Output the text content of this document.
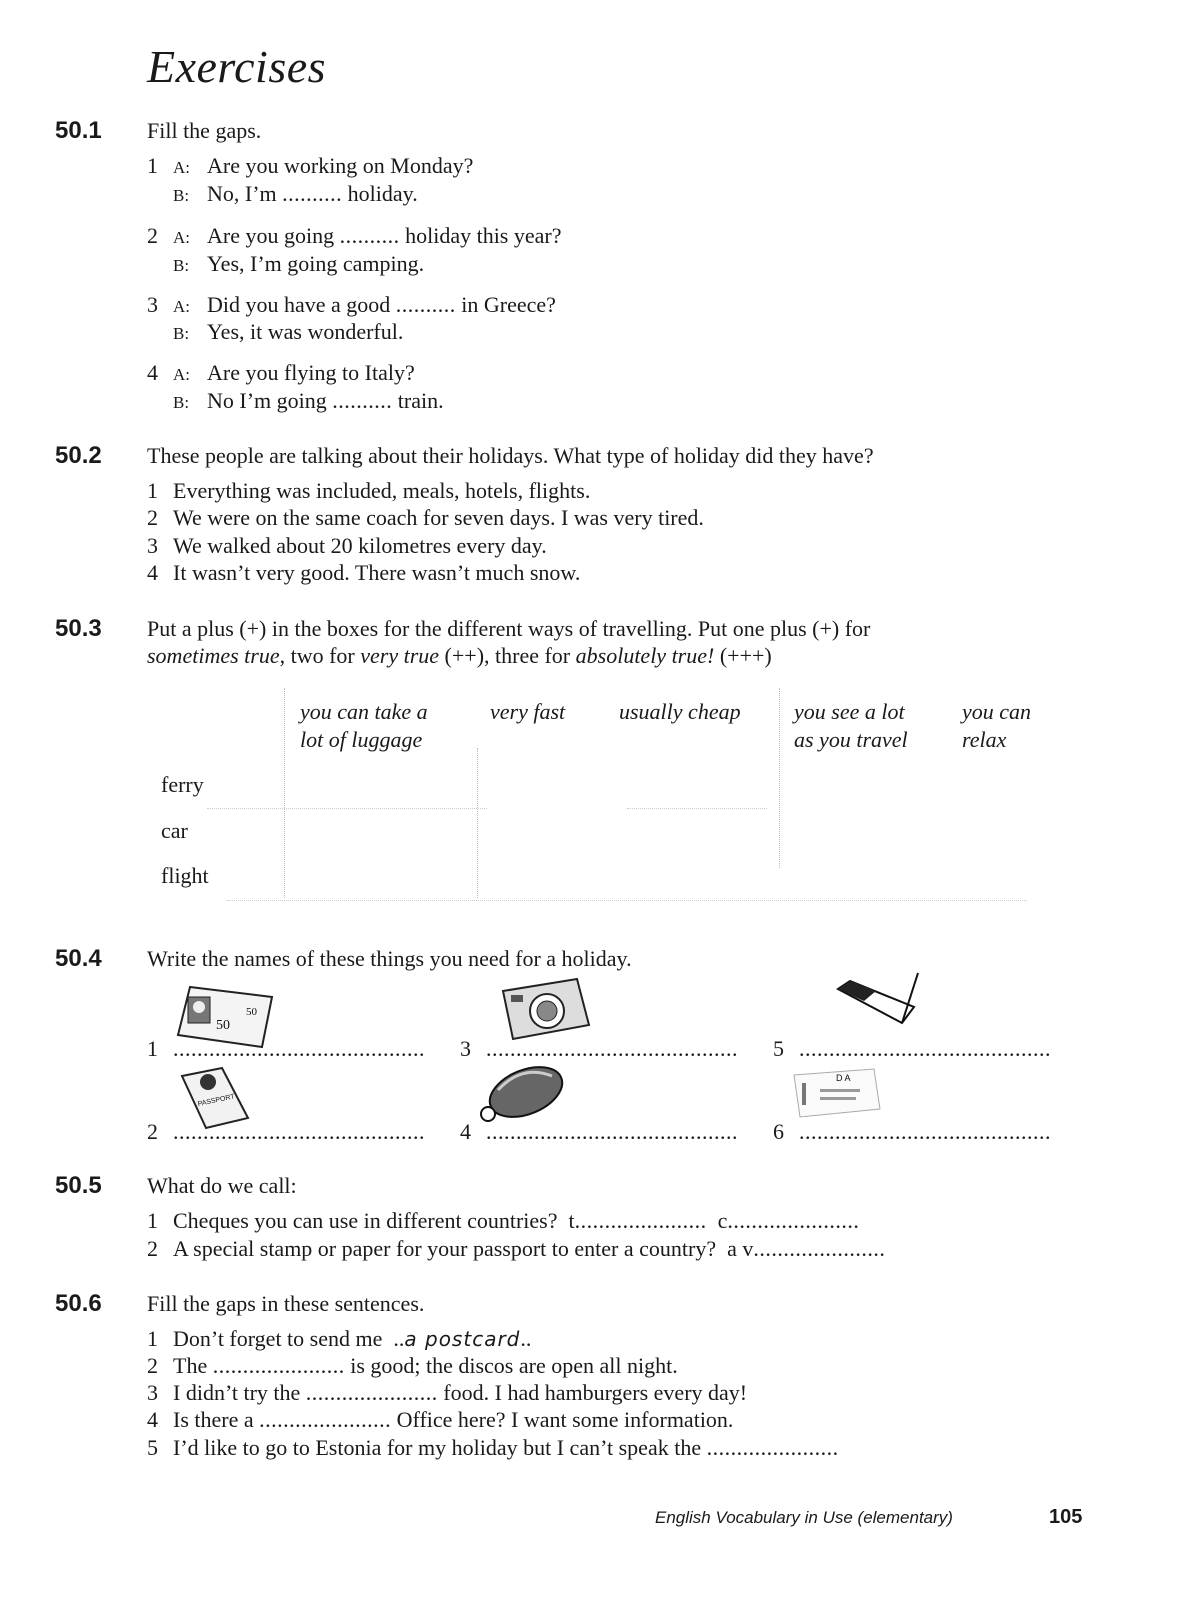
Exercises
50.1 Fill the gaps.
1 A: Are you working on Monday?
B: No, I’m .......... holiday.
2 A: Are you going .......... holiday this year?
B: Yes, I’m going camping.
3 A: Did you have a good .......... in Greece?
B: Yes, it was wonderful.
4 A: Are you flying to Italy?
B: No I’m going .......... train.
50.2 These people are talking about their holidays. What type of holiday did they have?
1 Everything was included, meals, hotels, flights.
2 We were on the same coach for seven days. I was very tired.
3 We walked about 20 kilometres every day.
4 It wasn’t very good. There wasn’t much snow.
50.3 Put a plus (+) in the boxes for the different ways of travelling. Put one plus (+) for
sometimes true, two for very true (++), three for absolutely true! (+++)
you can take a
lot of luggage
very fast usually cheap you see a lot
as you travel
you can
relax
ferry
car
flight
50.4 Write the names of these things you need for a holiday.
50
50
1 ..........................................
PASSPORT
2 ..........................................
3 ..........................................
4 ..........................................
5 ..........................................
D A
6 ..........................................
50.5 What do we call:
1 Cheques you can use in different countries? t...................... c......................
2 A special stamp or paper for your passport to enter a country? a v......................
50.6 Fill the gaps in these sentences.
1 Don’t forget to send me  ..a postcard..
2 The ...................... is good; the discos are open all night.
3 I didn’t try the ...................... food. I had hamburgers every day!
4 Is there a ...................... Office here? I want some information.
5 I’d like to go to Estonia for my holiday but I can’t speak the ......................
English Vocabulary in Use (elementary)	105
